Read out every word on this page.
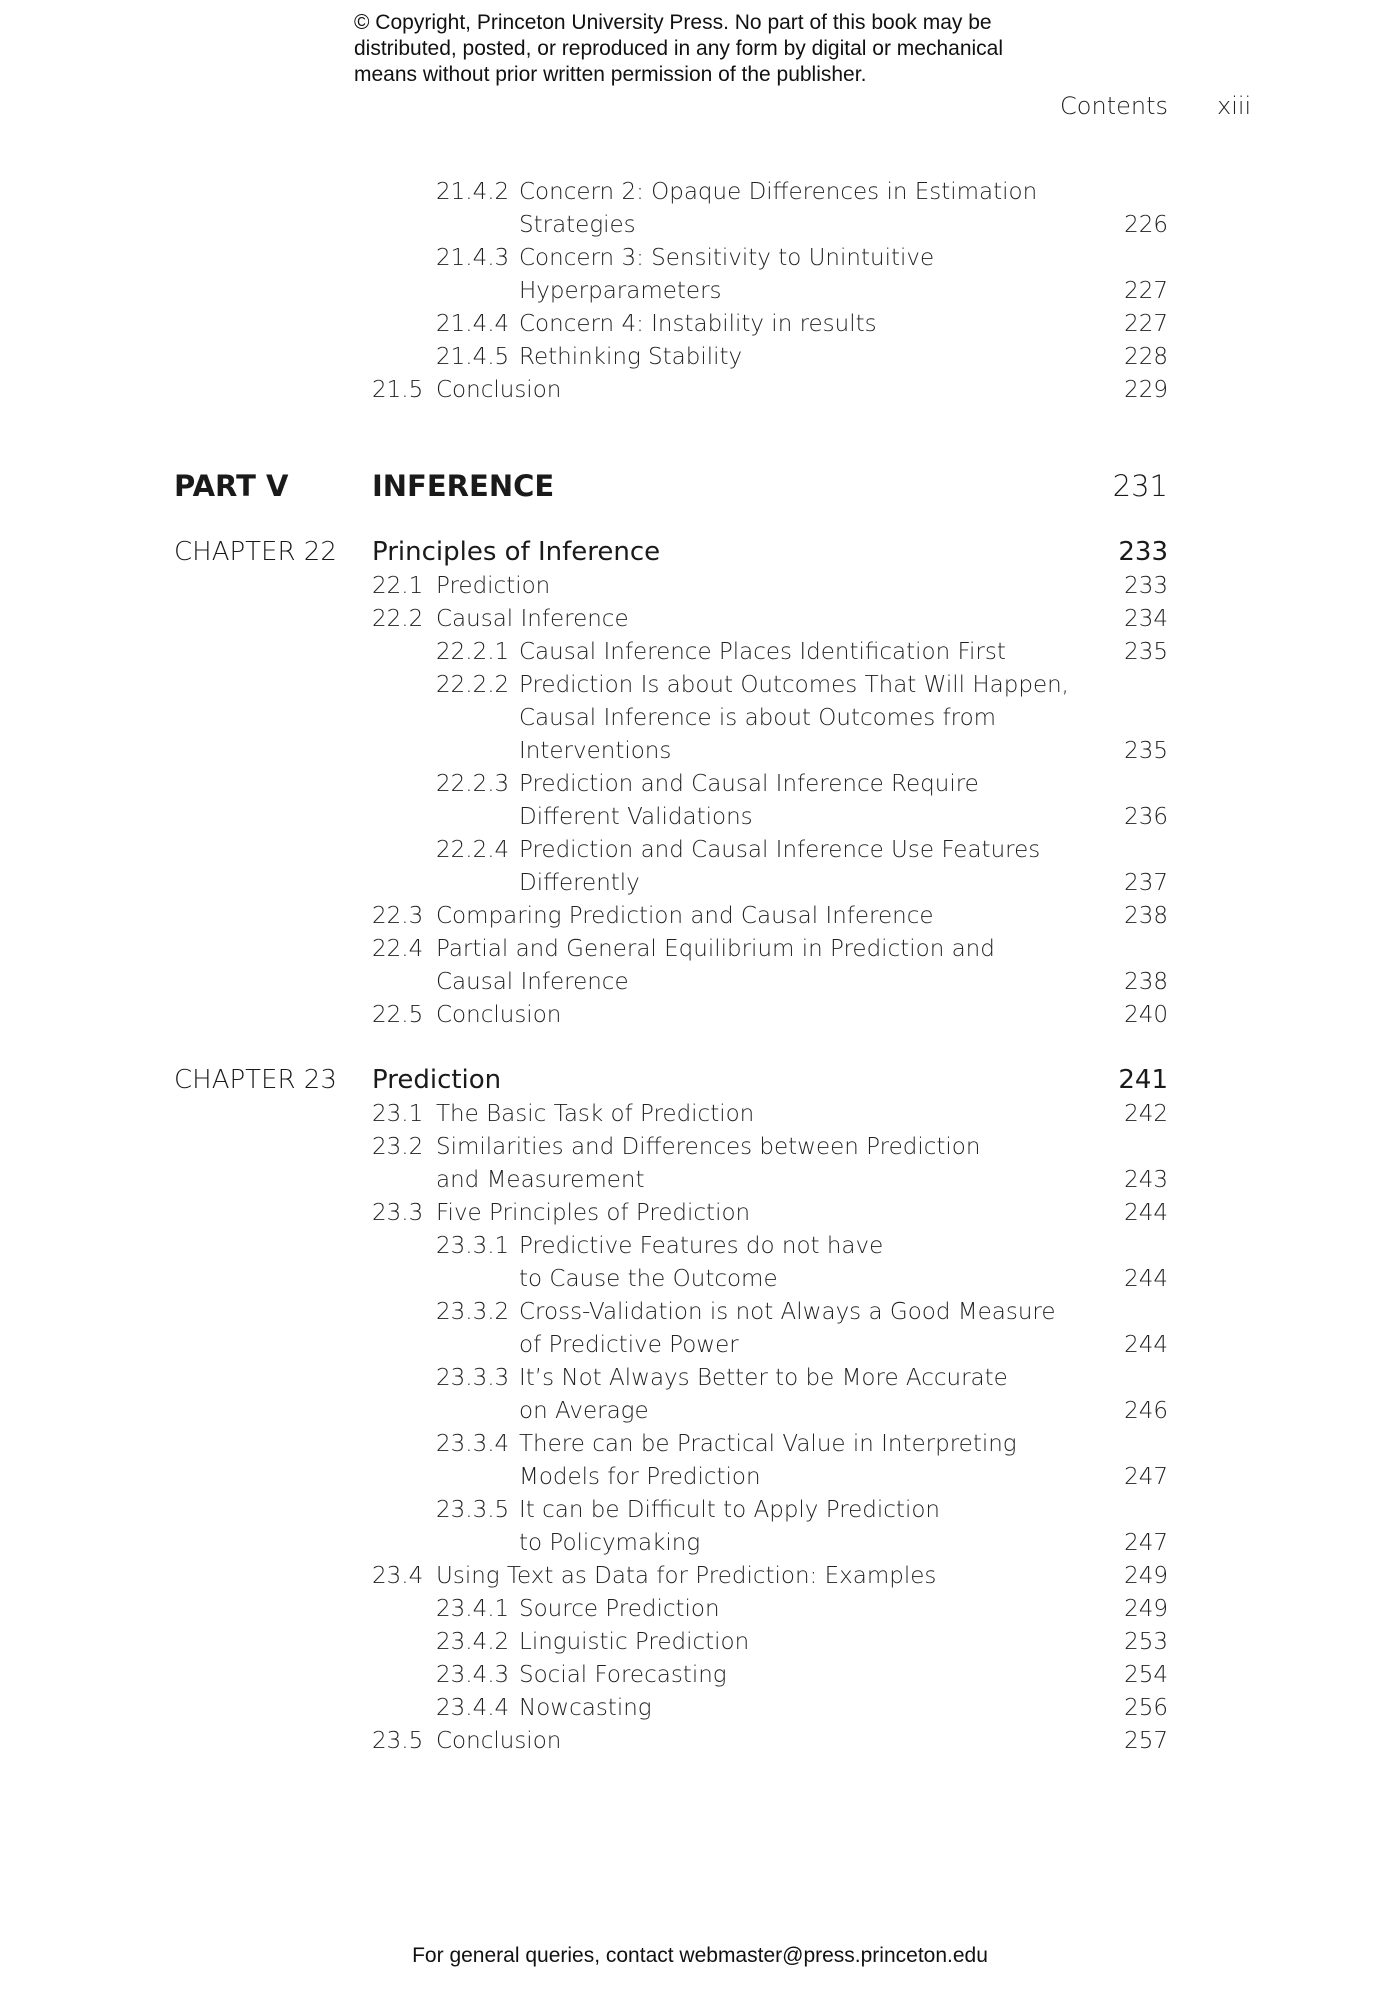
© Copyright, Princeton University Press. No part of this book may be
distributed, posted, or reproduced in any form by digital or mechanical
means without prior written permission of the publisher.
Contents xiii
21.4.2 Concern 2: Opaque Differences in Estimation
Strategies	226
21.4.3 Concern 3: Sensitivity to Unintuitive
Hyperparameters	227
21.4.4 Concern 4: Instability in results	227
21.4.5 Rethinking Stability	228
21.5 Conclusion	229
PART V	INFERENCE	231
CHAPTER 22 Principles of Inference	233
22.1 Prediction	233
22.2 Causal Inference	234
22.2.1 Causal Inference Places Identification First	235
22.2.2 Prediction Is about Outcomes That Will Happen,
Causal Inference is about Outcomes from
Interventions	235
22.2.3 Prediction and Causal Inference Require
Different Validations	236
22.2.4 Prediction and Causal Inference Use Features
Differently	237
22.3 Comparing Prediction and Causal Inference	238
22.4 Partial and General Equilibrium in Prediction and
Causal Inference	238
22.5 Conclusion	240
CHAPTER 23 Prediction	241
23.1 The Basic Task of Prediction	242
23.2 Similarities and Differences between Prediction
and Measurement	243
23.3 Five Principles of Prediction	244
23.3.1 Predictive Features do not have
to Cause the Outcome	244
23.3.2 Cross-Validation is not Always a Good Measure
of Predictive Power	244
23.3.3 It’s Not Always Better to be More Accurate
on Average	246
23.3.4 There can be Practical Value in Interpreting
Models for Prediction	247
23.3.5 It can be Difficult to Apply Prediction
to Policymaking	247
23.4 Using Text as Data for Prediction: Examples	249
23.4.1 Source Prediction	249
23.4.2 Linguistic Prediction	253
23.4.3 Social Forecasting	254
23.4.4 Nowcasting	256
23.5 Conclusion	257
For general queries, contact webmaster@press.princeton.edu
